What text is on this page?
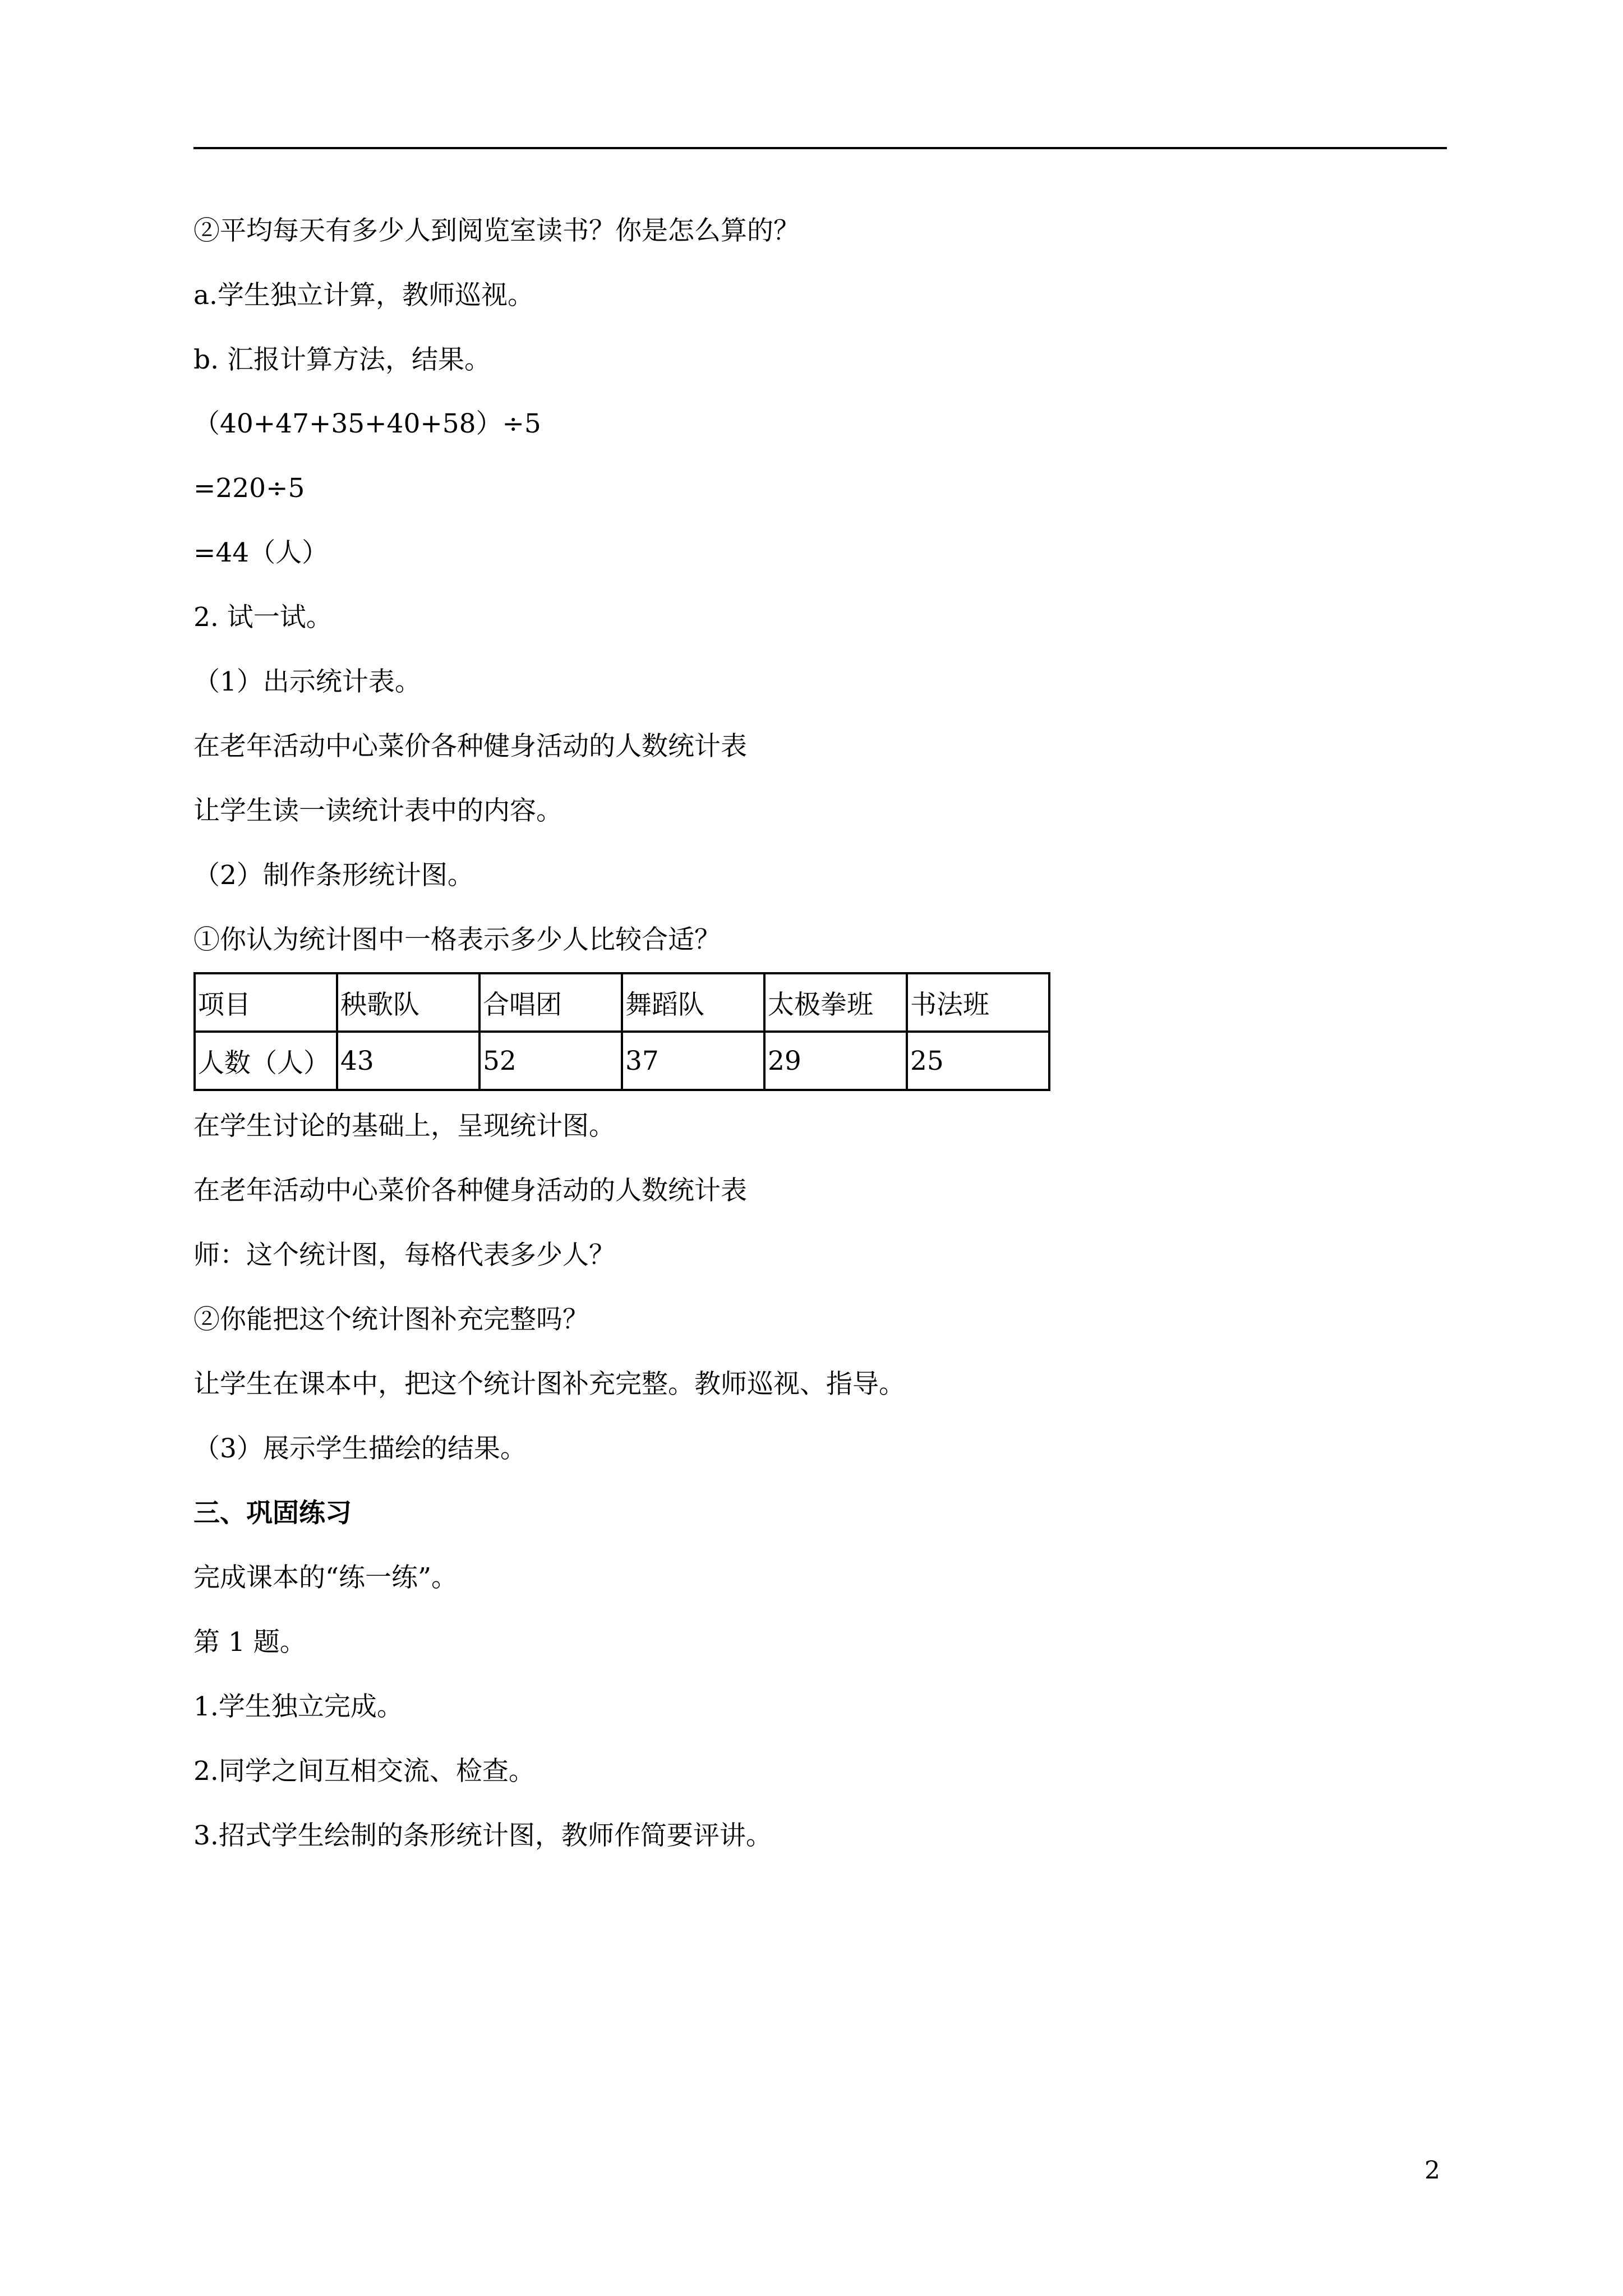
②平均每天有多少人到阅览室读书？你是怎么算的？
a.学生独立计算，教师巡视。
b. 汇报计算方法，结果。
（40+47+35+40+58）÷5
=220÷5
=44（人）
2. 试一试。
（1）出示统计表。
在老年活动中心菜价各种健身活动的人数统计表
让学生读一读统计表中的内容。
（2）制作条形统计图。
①你认为统计图中一格表示多少人比较合适？
项目	秧歌队	合唱团	舞蹈队	太极拳班	书法班
人数（人）	43	52	37	29	25
在学生讨论的基础上，呈现统计图。
在老年活动中心菜价各种健身活动的人数统计表
师：这个统计图，每格代表多少人？
②你能把这个统计图补充完整吗？
让学生在课本中，把这个统计图补充完整。教师巡视、指导。
（3）展示学生描绘的结果。
三、巩固练习
完成课本的“练一练”。
第 1 题。
1.学生独立完成。
2.同学之间互相交流、检查。
3.招式学生绘制的条形统计图，教师作简要评讲。
2
